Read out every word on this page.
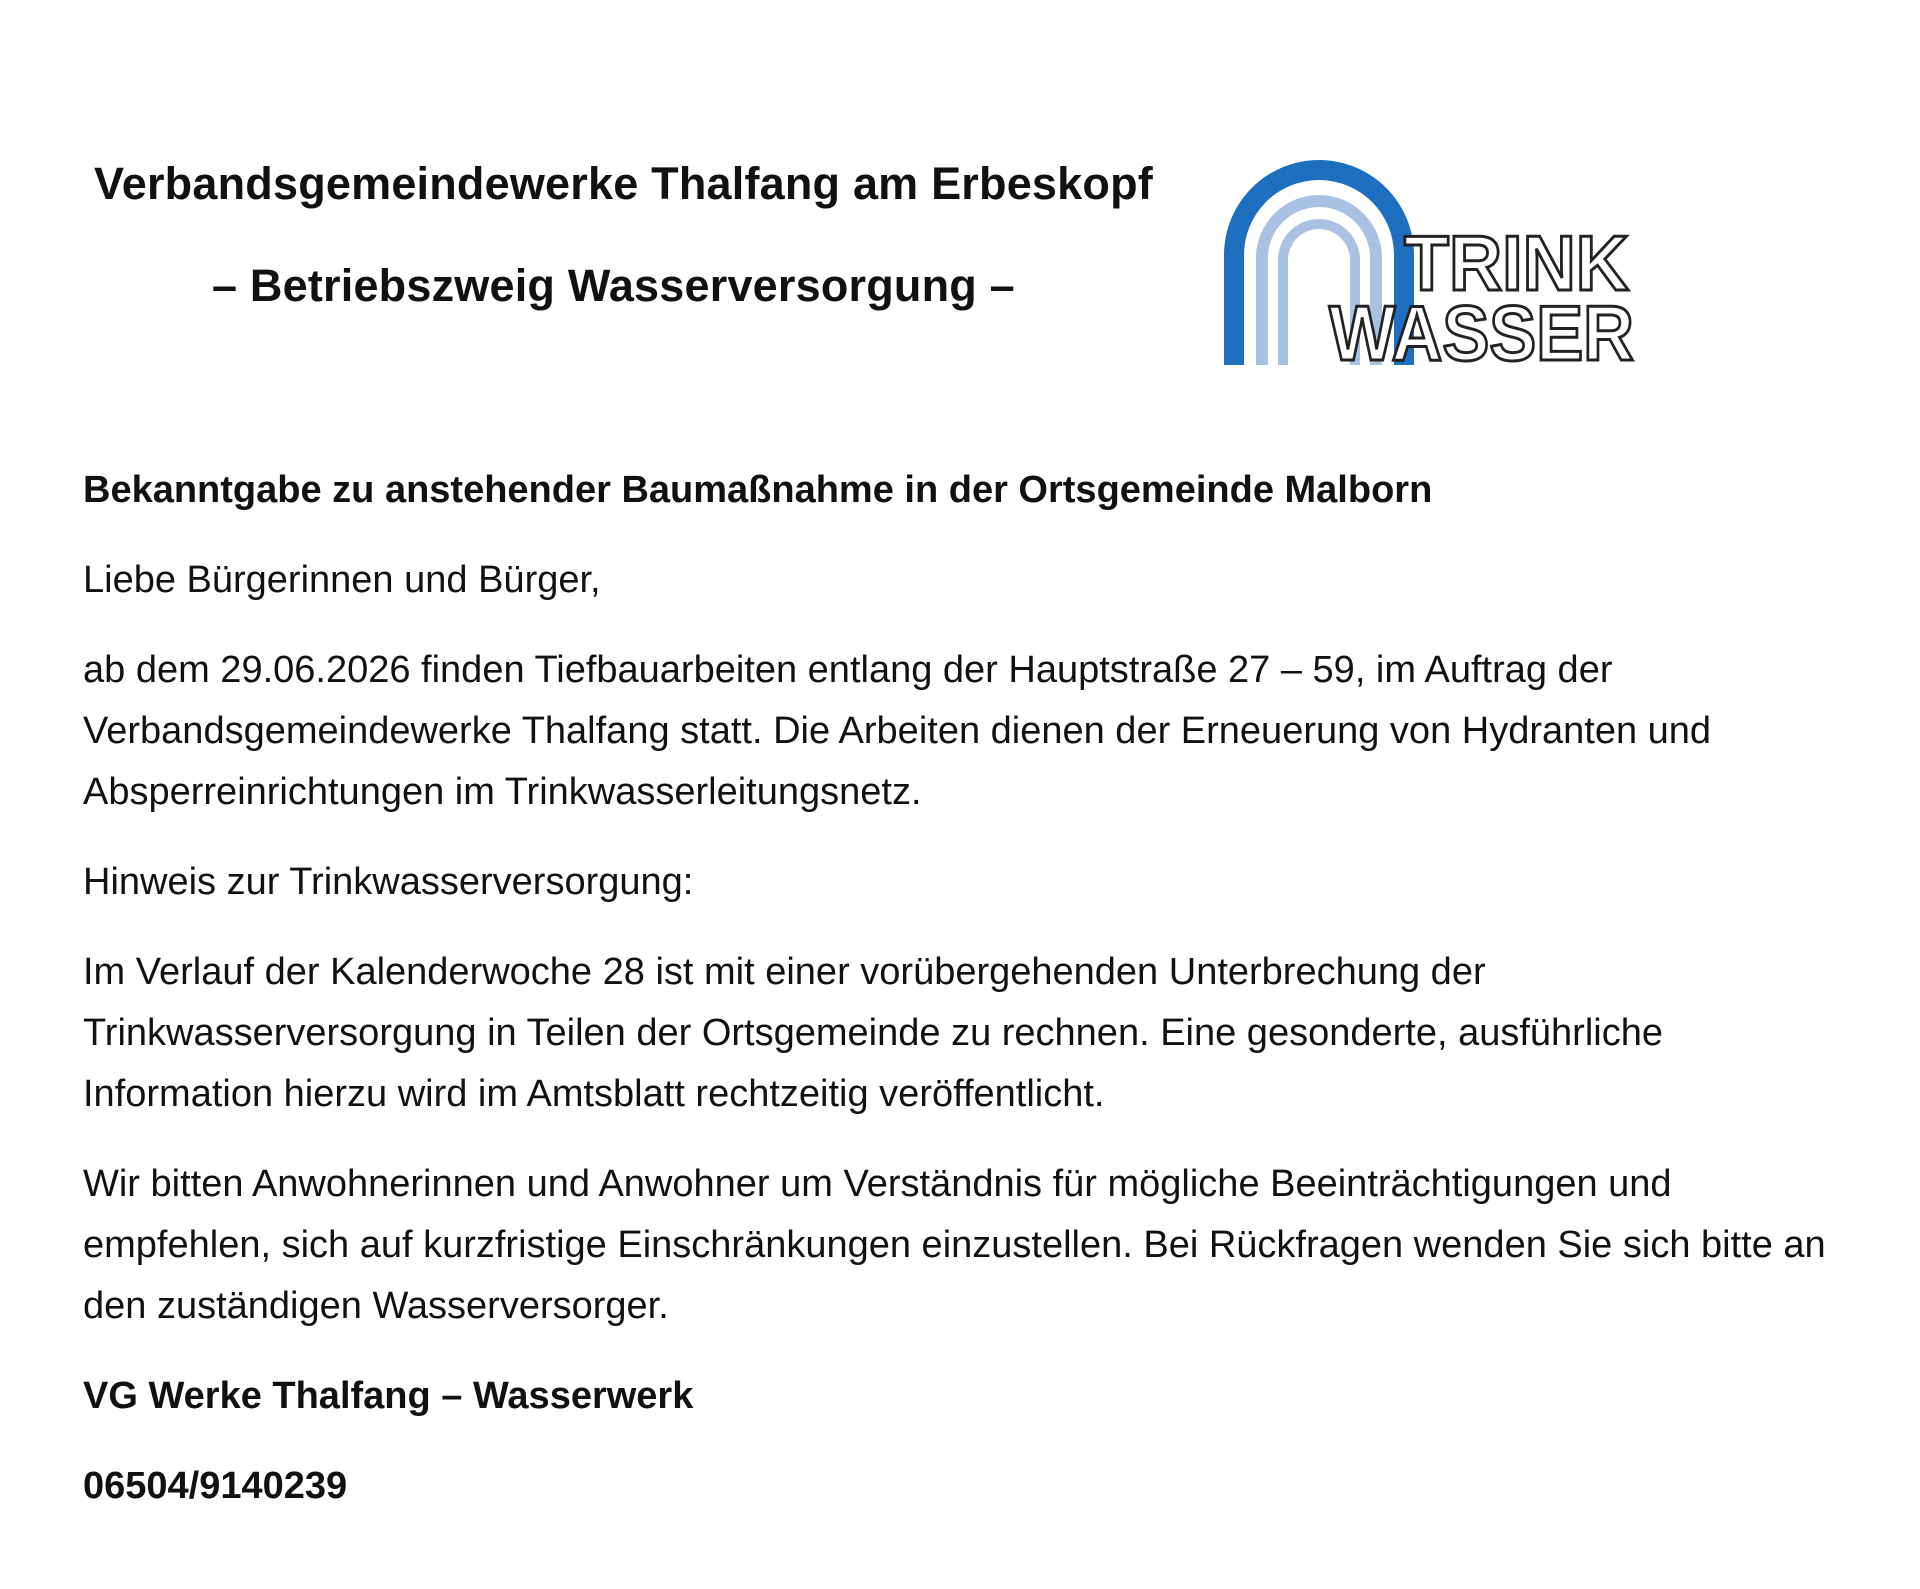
Verbandsgemeindewerke Thalfang am Erbeskopf
– Betriebszweig Wasserversorgung –	TRINK
WASSER

Bekanntgabe zu anstehender Baumaßnahme in der Ortsgemeinde Malborn

Liebe Bürgerinnen und Bürger,

ab dem 29.06.2026 finden Tiefbauarbeiten entlang der Hauptstraße 27 – 59, im Auftrag der Verbandsgemeindewerke Thalfang statt. Die Arbeiten dienen der Erneuerung von Hydranten und Absperreinrichtungen im Trinkwasserleitungsnetz.

Hinweis zur Trinkwasserversorgung:

Im Verlauf der Kalenderwoche 28 ist mit einer vorübergehenden Unterbrechung der Trinkwasserversorgung in Teilen der Ortsgemeinde zu rechnen. Eine gesonderte, ausführliche Information hierzu wird im Amtsblatt rechtzeitig veröffentlicht.

Wir bitten Anwohnerinnen und Anwohner um Verständnis für mögliche Beeinträchtigungen und empfehlen, sich auf kurzfristige Einschränkungen einzustellen. Bei Rückfragen wenden Sie sich bitte an den zuständigen Wasserversorger.

VG Werke Thalfang – Wasserwerk

06504/9140239
